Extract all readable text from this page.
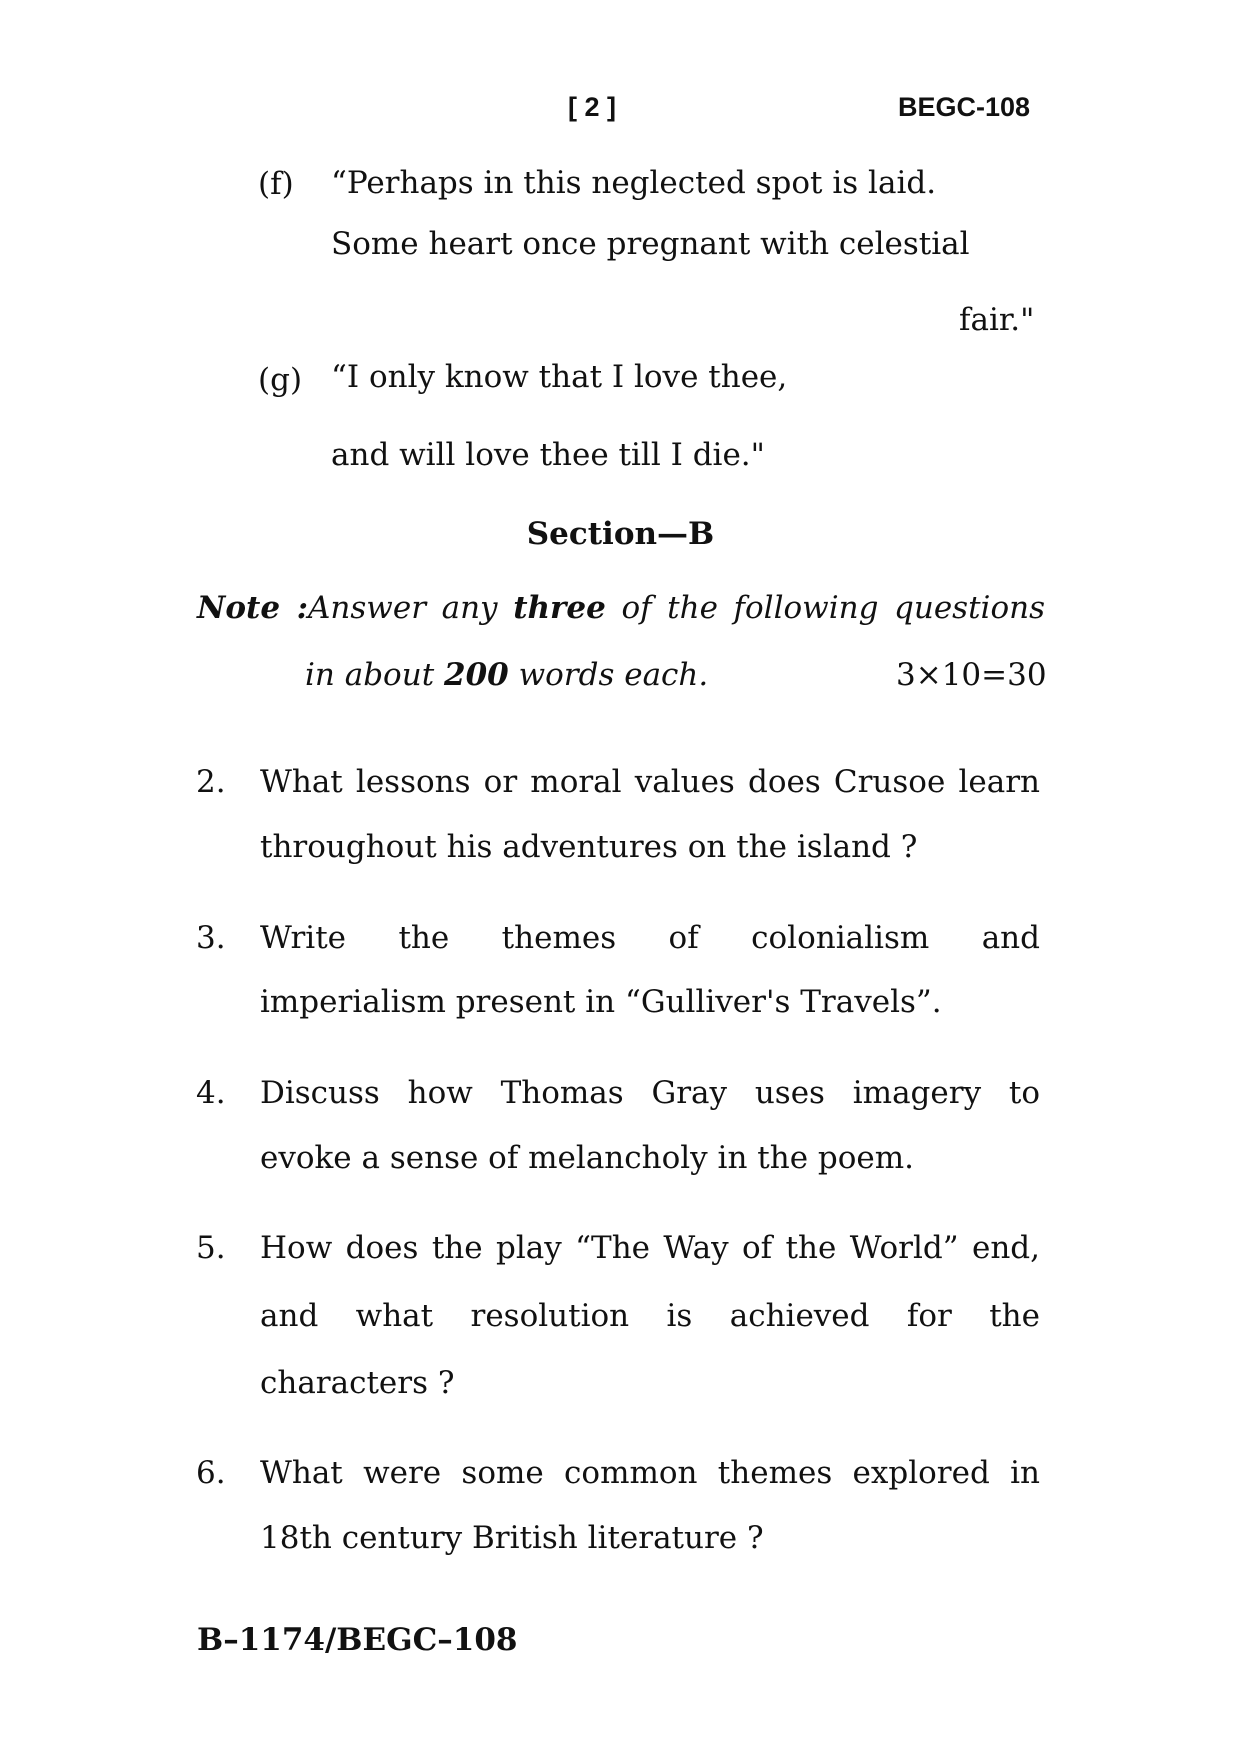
[ 2 ]	BEGC-108
(f) “Perhaps in this neglected spot is laid.
Some heart once pregnant with celestial
fair."
(g) “I only know that I love thee,
and will love thee till I die."
Section—B
Note :Answer any three of the following questions
in about 200 words each.	3×10=30
2. What lessons or moral values does Crusoe learn
throughout his adventures on the island ?
3. Write the themes of colonialism and
imperialism present in “Gulliver's Travels”.
4. Discuss how Thomas Gray uses imagery to
evoke a sense of melancholy in the poem.
5. How does the play “The Way of the World” end,
and what resolution is achieved for the
characters ?
6. What were some common themes explored in
18th century British literature ?
B–1174/BEGC–108
